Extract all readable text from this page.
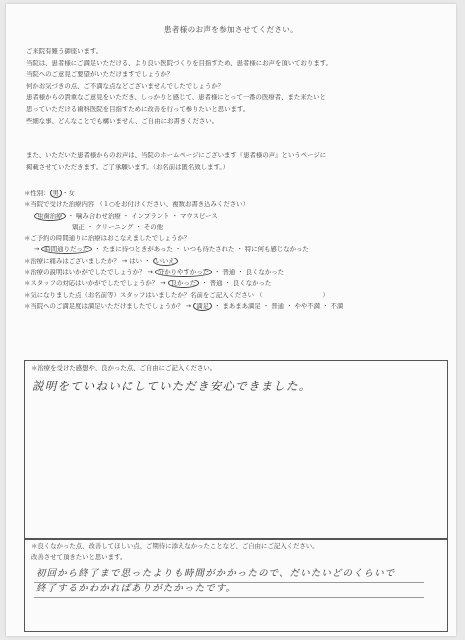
患者様のお声を参加させてください。
ご来院有難う御座います。
当院は、患者様にご満足いただける、より良い医院づくりを目指すため、患者様にお声を頂いております。
当院へのご意見ご要望がいただけますでしょうか？
何かお気づきの点、ご不満な点などございませんでしたでしょうか？
患者様からの貴重なご意見をいただき、しっかりと感じて、患者様にとって一番の医療者、また来たいと
思っていただける歯科医院を目指すために改善を行って参りたいと思います。
些細な事、どんなことでも構いません、ご自由にお書きください。
また、いただいた患者様からのお声は、当院のホームページにございます『患者様の声』というページに
掲載させていただきます。ご了承願います。（お名前は匿名致します。）
＊性別： 男 ・女
＊当院で受けた治療内容 （１○をお付けください、複数お書き込みください）
虫歯治療 ・ 噛み合わせ治療 ・ インプラント ・ マウスピース
矯正 ・ クリーニング ・ その他
＊ご予約の時間通りに治療はおこなえましたでしょうか？
→ 時間通りだった ・ たまに待つときがあった ・ いつも待たされた ・ 特に何も感じなかった
＊治療に痛みはございましたか？ → はい ・ いいえ
＊治療の説明はいかがでしたでしょうか？ → 分かりやすかった ・ 普通 ・ 良くなかった
＊スタッフの対応はいかがでしたでしょうか？ → 良かった ・ 普通 ・ 良くなかった
＊気になりました点（お名前等）スタッフはいましたか？名前をご記入ください （	）
＊当院へのご満足度は満足いただけましたでしょうか？ → 満足 ・ まあまあ満足 ・ 普通 ・ やや不満 ・ 不満
＊治療を受けた感想や、良かった点、ご自由にご記入ください。
説明をていねいにしていただき安心できました。
＊良くなかった点、改善してほしい点、ご期待に添えなかったことなど、ご自由にご記入ください。
改善させて頂きたいと思います。
初回から終了まで思ったよりも時間がかかったので、だいたいどのくらいで
終了するかわかればありがたかったです。
